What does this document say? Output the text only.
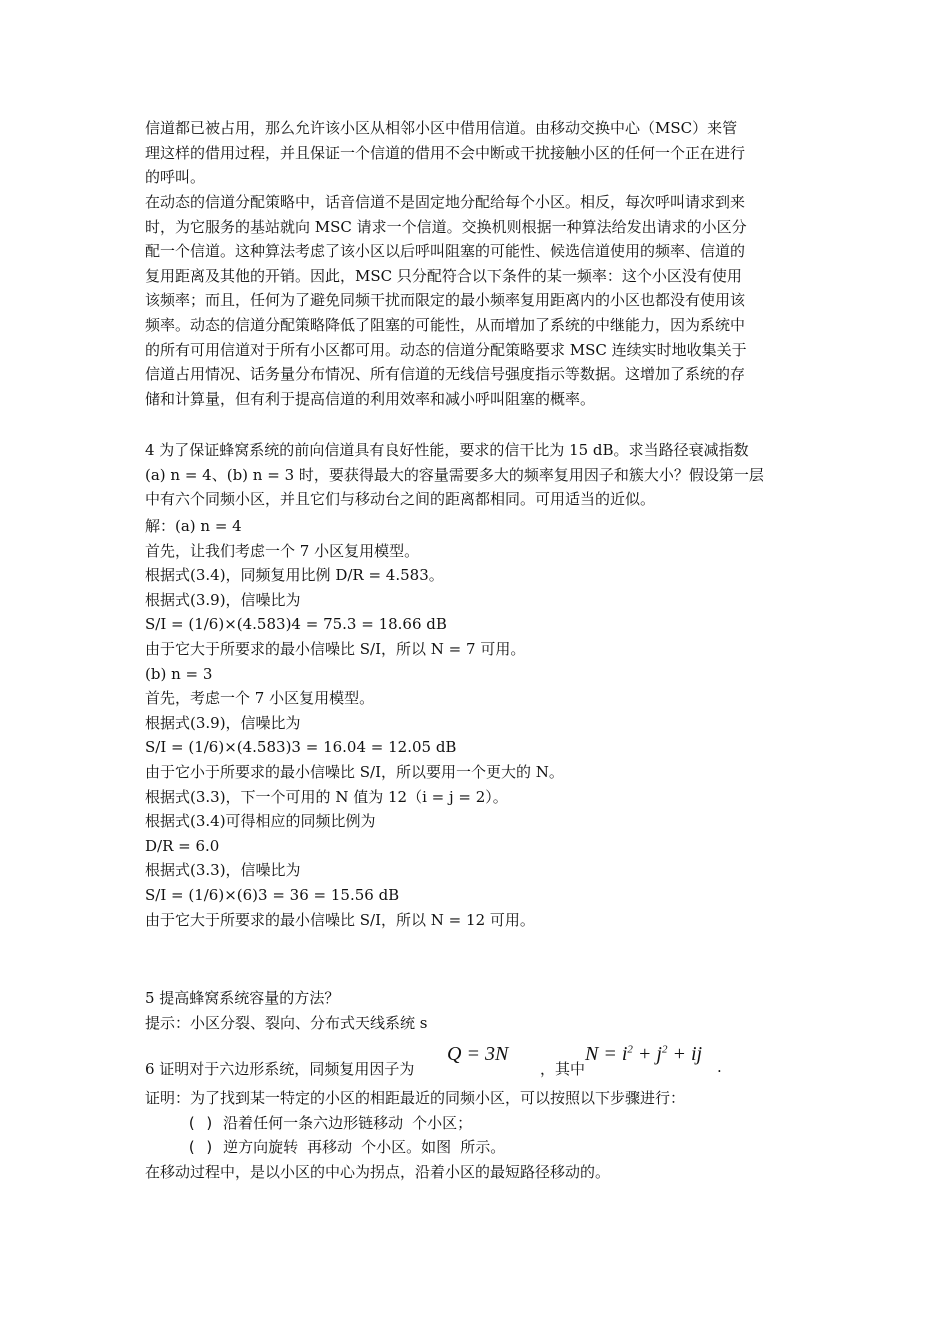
信道都已被占用，那么允许该小区从相邻小区中借用信道。由移动交换中心（MSC）来管
理这样的借用过程，并且保证一个信道的借用不会中断或干扰接触小区的任何一个正在进行
的呼叫。
在动态的信道分配策略中，话音信道不是固定地分配给每个小区。相反，每次呼叫请求到来
时，为它服务的基站就向 MSC 请求一个信道。交换机则根据一种算法给发出请求的小区分
配一个信道。这种算法考虑了该小区以后呼叫阻塞的可能性、候选信道使用的频率、信道的
复用距离及其他的开销。因此，MSC 只分配符合以下条件的某一频率：这个小区没有使用
该频率；而且，任何为了避免同频干扰而限定的最小频率复用距离内的小区也都没有使用该
频率。动态的信道分配策略降低了阻塞的可能性，从而增加了系统的中继能力，因为系统中
的所有可用信道对于所有小区都可用。动态的信道分配策略要求 MSC 连续实时地收集关于
信道占用情况、话务量分布情况、所有信道的无线信号强度指示等数据。这增加了系统的存
储和计算量，但有利于提高信道的利用效率和减小呼叫阻塞的概率。
4 为了保证蜂窝系统的前向信道具有良好性能，要求的信干比为 15 dB。求当路径衰减指数
(a) n = 4、(b) n = 3 时，要获得最大的容量需要多大的频率复用因子和簇大小？假设第一层
中有六个同频小区，并且它们与移动台之间的距离都相同。可用适当的近似。
解：(a) n = 4
首先，让我们考虑一个 7 小区复用模型。
根据式(3.4)，同频复用比例 D/R = 4.583。
根据式(3.9)，信噪比为
S/I = (1/6)×(4.583)4 = 75.3 = 18.66 dB
由于它大于所要求的最小信噪比 S/I，所以 N = 7 可用。
(b) n = 3
首先，考虑一个 7 小区复用模型。
根据式(3.9)，信噪比为
S/I = (1/6)×(4.583)3 = 16.04 = 12.05 dB
由于它小于所要求的最小信噪比 S/I，所以要用一个更大的 N。
根据式(3.3)，下一个可用的 N 值为 12（i = j = 2）。
根据式(3.4)可得相应的同频比例为
D/R = 6.0
根据式(3.3)，信噪比为
S/I = (1/6)×(6)3 = 36 = 15.56 dB
由于它大于所要求的最小信噪比 S/I，所以 N = 12 可用。
5 提高蜂窝系统容量的方法？
提示：小区分裂、裂向、分布式天线系统 s
6 证明对于六边形系统，同频复用因子为
Q = 3N
，其中
$N = i^2 + j^2$ + ij
.
证明：为了找到某一特定的小区的相距最近的同频小区，可以按照以下步骤进行：
( ) 沿着任何一条六边形链移动 个小区；
( ) 逆方向旋转 再移动 个小区。如图 所示。
在移动过程中，是以小区的中心为拐点，沿着小区的最短路径移动的。
